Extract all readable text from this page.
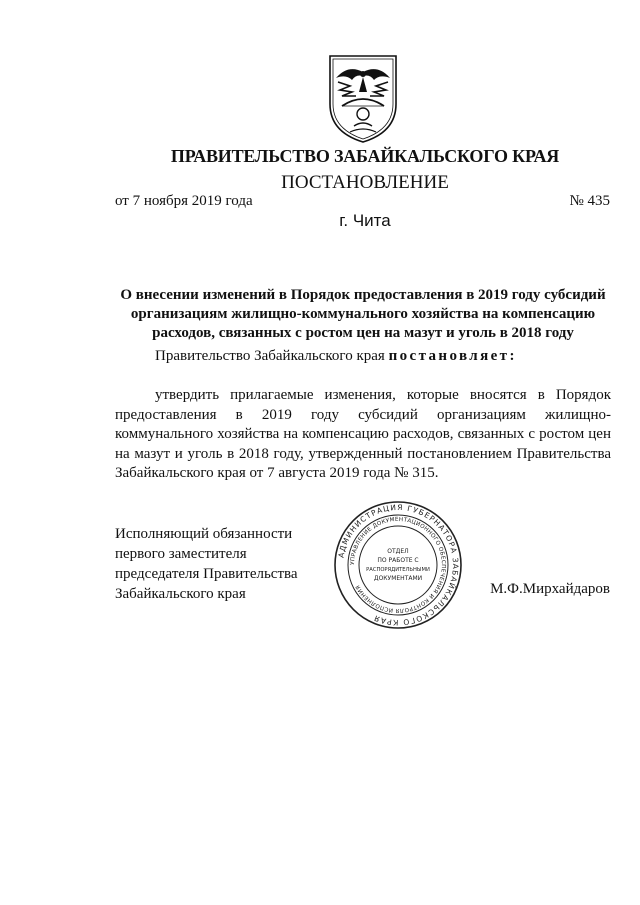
ПРАВИТЕЛЬСТВО ЗАБАЙКАЛЬСКОГО КРАЯ
ПОСТАНОВЛЕНИЕ
от 7 ноября 2019 года	№ 435
г. Чита
О внесении изменений в Порядок предоставления в 2019 году субсидий
организациям жилищно-коммунального хозяйства на компенсацию
расходов, связанных с ростом цен на мазут и уголь в 2018 году
Правительство Забайкальского края постановляет:
утвердить прилагаемые изменения, которые вносятся в Порядок
предоставления в 2019 году субсидий организациям жилищно-
коммунального хозяйства на компенсацию расходов, связанных с ростом цен
на мазут и уголь в 2018 году, утвержденный постановлением Правительства
Забайкальского края от 7 августа 2019 года № 315.
Исполняющий обязанности
первого заместителя
председателя Правительства
Забайкальского края	М.Ф.Мирхайдаров
АДМИНИСТРАЦИЯ ГУБЕРНАТОРА ЗАБАЙКАЛЬСКОГО КРАЯ
УПРАВЛЕНИЕ ДОКУМЕНТАЦИОННОГО ОБЕСПЕЧЕНИЯ И КОНТРОЛЯ ИСПОЛНЕНИЯ
ОТДЕЛ
ПО РАБОТЕ С
РАСПОРЯДИТЕЛЬНЫМИ
ДОКУМЕНТАМИ
